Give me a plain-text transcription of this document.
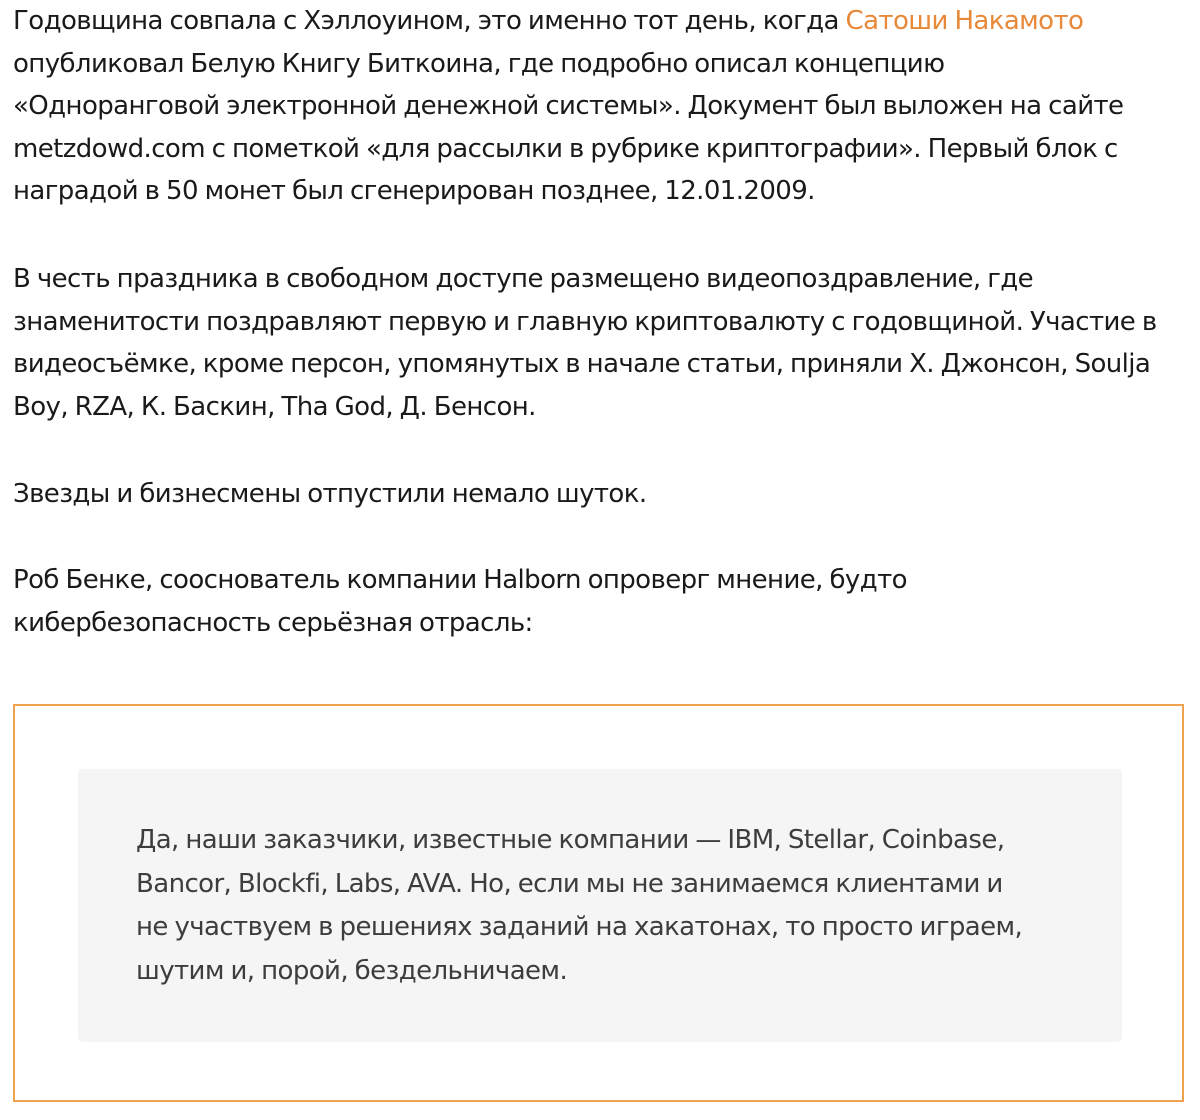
Годовщина совпала с Хэллоуином, это именно тот день, когда Сатоши Накамото
опубликовал Белую Книгу Биткоина, где подробно описал концепцию
«Одноранговой электронной денежной системы». Документ был выложен на сайте
metzdowd.com с пометкой «для рассылки в рубрике криптографии». Первый блок с
наградой в 50 монет был сгенерирован позднее, 12.01.2009.

В честь праздника в свободном доступе размещено видеопоздравление, где
знаменитости поздравляют первую и главную криптовалюту с годовщиной. Участие в
видеосъёмке, кроме персон, упомянутых в начале статьи, приняли Х. Джонсон, Soulja
Boy, RZA, К. Баскин, Tha God, Д. Бенсон.

Звезды и бизнесмены отпустили немало шуток.

Роб Бенке, сооснователь компании Halborn опроверг мнение, будто
кибербезопасность серьёзная отрасль:

Да, наши заказчики, известные компании — IBM, Stellar, Coinbase,
Bancor, Blockfi, Labs, AVA. Но, если мы не занимаемся клиентами и
не участвуем в решениях заданий на хакатонах, то просто играем,
шутим и, порой, бездельничаем.
